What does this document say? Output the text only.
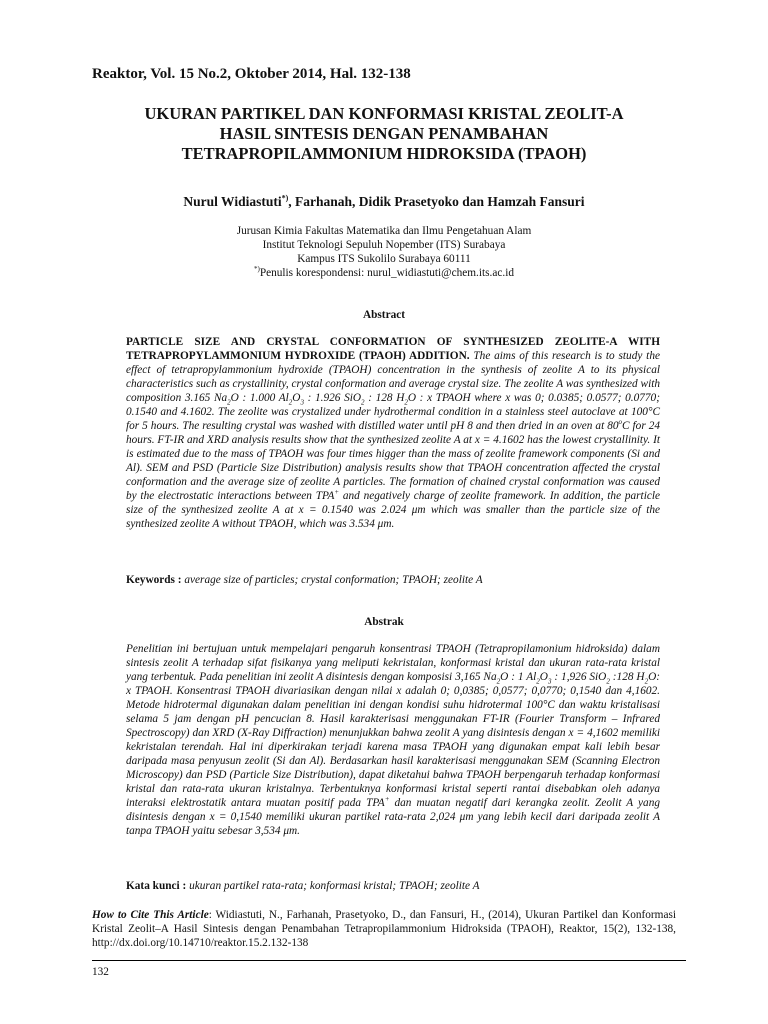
Reaktor, Vol. 15 No.2, Oktober 2014, Hal. 132-138
UKURAN PARTIKEL DAN KONFORMASI KRISTAL ZEOLIT-A
HASIL SINTESIS DENGAN PENAMBAHAN
TETRAPROPILAMMONIUM HIDROKSIDA (TPAOH)
Nurul Widiastuti*), Farhanah, Didik Prasetyoko dan Hamzah Fansuri
Jurusan Kimia Fakultas Matematika dan Ilmu Pengetahuan Alam
Institut Teknologi Sepuluh Nopember (ITS) Surabaya
Kampus ITS Sukolilo Surabaya 60111
*)Penulis korespondensi: nurul_widiastuti@chem.its.ac.id
Abstract
PARTICLE SIZE AND CRYSTAL CONFORMATION OF SYNTHESIZED ZEOLITE-A WITH TETRAPROPYLAMMONIUM HYDROXIDE (TPAOH) ADDITION. The aims of this research is to study the effect of tetrapropylammonium hydroxide (TPAOH) concentration in the synthesis of zeolite A to its physical characteristics such as crystallinity, crystal conformation and average crystal size. The zeolite A was synthesized with composition 3.165 $Na_2O$ : 1.000 $Al_2O_3$ : 1.926 SiO$_2$ : 128 $H_2O$ : x TPAOH where x was 0; 0.0385; 0.0577; 0.0770; 0.1540 and 4.1602. The zeolite was crystalized under hydrothermal condition in a stainless steel autoclave at 100°C for 5 hours. The resulting crystal was washed with distilled water until pH 8 and then dried in an oven at 80$^o$C for 24 hours. FT-IR and XRD analysis results show that the synthesized zeolite A at x = 4.1602 has the lowest crystallinity. It is estimated due to the mass of TPAOH was four times higger than the mass of zeolite framework components (Si and Al). SEM and PSD (Particle Size Distribution) analysis results show that TPAOH concentration affected the crystal conformation and the average size of zeolite A particles. The formation of chained crystal conformation was caused by the electrostatic interactions between TPA+ and negatively charge of zeolite framework. In addition, the particle size of the synthesized zeolite A at x = 0.1540 was 2.024 μm which was smaller than the particle size of the synthesized zeolite A without TPAOH, which was 3.534 μm.
Keywords : average size of particles; crystal conformation; TPAOH; zeolite A
Abstrak
Penelitian ini bertujuan untuk mempelajari pengaruh konsentrasi TPAOH (Tetrapropilamonium hidroksida) dalam sintesis zeolit A terhadap sifat fisikanya yang meliputi kekristalan, konformasi kristal dan ukuran rata-rata kristal yang terbentuk. Pada penelitian ini zeolit A disintesis dengan komposisi 3,165 $Na_2O$ : 1 $Al_2O_3$ : 1,926 SiO$_2$ :128 $H_2O$: x TPAOH. Konsentrasi TPAOH divariasikan dengan nilai x adalah 0; 0,0385; 0,0577; 0,0770; 0,1540 dan 4,1602. Metode hidrotermal digunakan dalam penelitian ini dengan kondisi suhu hidrotermal 100°C dan waktu kristalisasi selama 5 jam dengan pH pencucian 8. Hasil karakterisasi menggunakan FT-IR (Fourier Transform – Infrared Spectroscopy) dan XRD (X-Ray Diffraction) menunjukkan bahwa zeolit A yang disintesis dengan x = 4,1602 memiliki kekristalan terendah. Hal ini diperkirakan terjadi karena masa TPAOH yang digunakan empat kali lebih besar daripada masa penyusun zeolit (Si dan Al). Berdasarkan hasil karakterisasi menggunakan SEM (Scanning Electron Microscopy) dan PSD (Particle Size Distribution), dapat diketahui bahwa TPAOH berpengaruh terhadap konformasi kristal dan rata-rata ukuran kristalnya. Terbentuknya konformasi kristal seperti rantai disebabkan oleh adanya interaksi elektrostatik antara muatan positif pada TPA+ dan muatan negatif dari kerangka zeolit. Zeolit A yang disintesis dengan x = 0,1540 memiliki ukuran partikel rata-rata 2,024 μm yang lebih kecil dari daripada zeolit A tanpa TPAOH yaitu sebesar 3,534 μm.
Kata kunci : ukuran partikel rata-rata; konformasi kristal; TPAOH; zeolite A
How to Cite This Article: Widiastuti, N., Farhanah, Prasetyoko, D., dan Fansuri, H., (2014), Ukuran Partikel dan Konformasi Kristal Zeolit–A Hasil Sintesis dengan Penambahan Tetrapropilammonium Hidroksida (TPAOH), Reaktor, 15(2), 132-138, http://dx.doi.org/10.14710/reaktor.15.2.132-138
132
